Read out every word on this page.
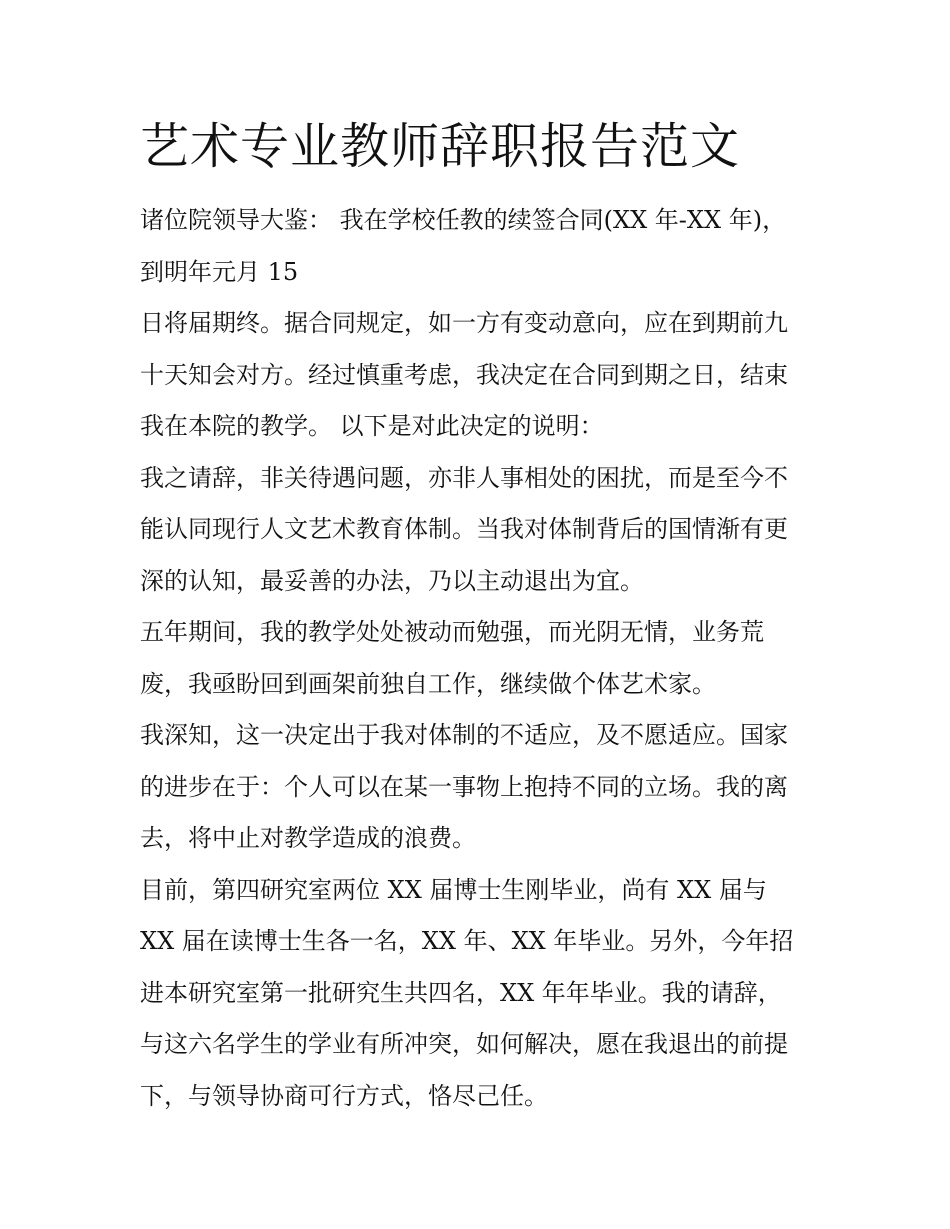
艺术专业教师辞职报告范文
诸位院领导大鉴： 我在学校任教的续签合同(XX 年-XX 年)，
到明年元月 15
日将届期终。据合同规定，如一方有变动意向，应在到期前九
十天知会对方。经过慎重考虑，我决定在合同到期之日，结束
我在本院的教学。 以下是对此决定的说明：
我之请辞，非关待遇问题，亦非人事相处的困扰，而是至今不
能认同现行人文艺术教育体制。当我对体制背后的国情渐有更
深的认知，最妥善的办法，乃以主动退出为宜。
五年期间，我的教学处处被动而勉强，而光阴无情，业务荒
废，我亟盼回到画架前独自工作，继续做个体艺术家。
我深知，这一决定出于我对体制的不适应，及不愿适应。国家
的进步在于：个人可以在某一事物上抱持不同的立场。我的离
去，将中止对教学造成的浪费。
目前，第四研究室两位 XX 届博士生刚毕业，尚有 XX 届与
XX 届在读博士生各一名，XX 年、XX 年毕业。另外，今年招
进本研究室第一批研究生共四名，XX 年年毕业。我的请辞，
与这六名学生的学业有所冲突，如何解决，愿在我退出的前提
下，与领导协商可行方式，恪尽己任。
